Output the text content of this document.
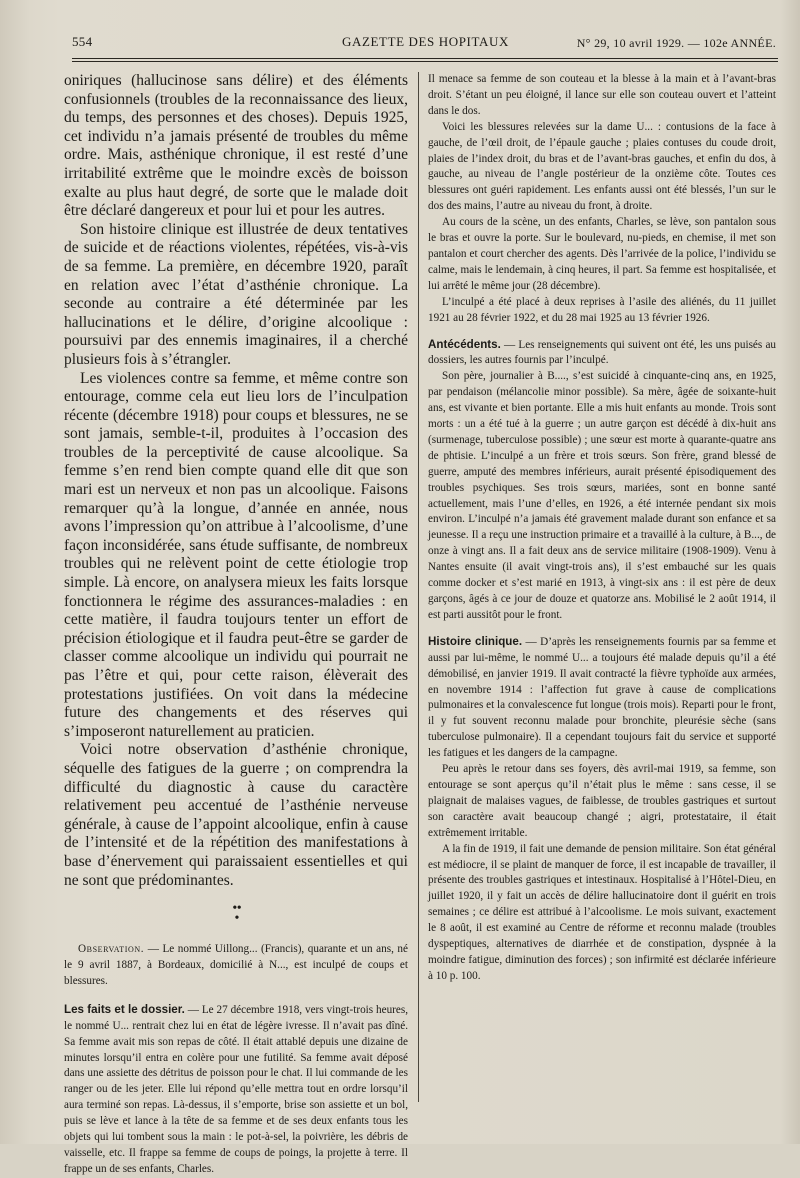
554	GAZETTE DES HOPITAUX	N° 29, 10 avril 1929. — 102e ANNÉE.

oniriques (hallucinose sans délire) et des éléments confusionnels (troubles de la reconnaissance des lieux, du temps, des personnes et des choses). Depuis 1925, cet individu n’a jamais présenté de troubles du même ordre. Mais, asthénique chronique, il est resté d’une irritabilité extrême que le moindre excès de boisson exalte au plus haut degré, de sorte que le malade doit être déclaré dangereux et pour lui et pour les autres.

Son histoire clinique est illustrée de deux tentatives de suicide et de réactions violentes, répétées, vis-à-vis de sa femme. La première, en décembre 1920, paraît en relation avec l’état d’asthénie chronique. La seconde au contraire a été déterminée par les hallucinations et le délire, d’origine alcoolique : poursuivi par des ennemis imaginaires, il a cherché plusieurs fois à s’étrangler.

Les violences contre sa femme, et même contre son entourage, comme cela eut lieu lors de l’inculpation récente (décembre 1918) pour coups et blessures, ne se sont jamais, semble-t-il, produites à l’occasion des troubles de la perceptivité de cause alcoolique. Sa femme s’en rend bien compte quand elle dit que son mari est un nerveux et non pas un alcoolique. Faisons remarquer qu’à la longue, d’année en année, nous avons l’impression qu’on attribue à l’alcoolisme, d’une façon inconsidérée, sans étude suffisante, de nombreux troubles qui ne relèvent point de cette étiologie trop simple. Là encore, on analysera mieux les faits lorsque fonctionnera le régime des assurances-maladies : en cette matière, il faudra toujours tenter un effort de précision étiologique et il faudra peut-être se garder de classer comme alcoolique un individu qui pourrait ne pas l’être et qui, pour cette raison, élèverait des protestations justifiées. On voit dans la médecine future des changements et des réserves qui s’imposeront naturellement au praticien.

Voici notre observation d’asthénie chronique, séquelle des fatigues de la guerre ; on comprendra la difficulté du diagnostic à cause du caractère relativement peu accentué de l’asthénie nerveuse générale, à cause de l’appoint alcoolique, enfin à cause de l’intensité et de la répétition des manifestations à base d’énervement qui paraissaient essentielles et qui ne sont que prédominantes.

• •
•

Observation. — Le nommé Uillong... (Francis), quarante et un ans, né le 9 avril 1887, à Bordeaux, domicilié à N..., est inculpé de coups et blessures.

Les faits et le dossier. — Le 27 décembre 1918, vers vingt-trois heures, le nommé U... rentrait chez lui en état de légère ivresse. Il n’avait pas dîné. Sa femme avait mis son repas de côté. Il était attablé depuis une dizaine de minutes lorsqu’il entra en colère pour une futilité. Sa femme avait déposé dans une assiette des détritus de poisson pour le chat. Il lui commande de les ranger ou de les jeter. Elle lui répond qu’elle mettra tout en ordre lorsqu’il aura terminé son repas. Là-dessus, il s’emporte, brise son assiette et un bol, puis se lève et lance à la tête de sa femme et de ses deux enfants tous les objets qui lui tombent sous la main : le pot-à-sel, la poivrière, les débris de vaisselle, etc. Il frappe sa femme de coups de poings, la projette à terre. Il frappe un de ses enfants, Charles.

Il menace sa femme de son couteau et la blesse à la main et à l’avant-bras droit. S’étant un peu éloigné, il lance sur elle son couteau ouvert et l’atteint dans le dos.

Voici les blessures relevées sur la dame U... : contusions de la face à gauche, de l’œil droit, de l’épaule gauche ; plaies contuses du coude droit, plaies de l’index droit, du bras et de l’avant-bras gauches, et enfin du dos, à gauche, au niveau de l’angle postérieur de la onzième côte. Toutes ces blessures ont guéri rapidement. Les enfants aussi ont été blessés, l’un sur le dos des mains, l’autre au niveau du front, à droite.

Au cours de la scène, un des enfants, Charles, se lève, son pantalon sous le bras et ouvre la porte. Sur le boulevard, nu-pieds, en chemise, il met son pantalon et court chercher des agents. Dès l’arrivée de la police, l’individu se calme, mais le lendemain, à cinq heures, il part. Sa femme est hospitalisée, et lui arrêté le même jour (28 décembre).

L’inculpé a été placé à deux reprises à l’asile des aliénés, du 11 juillet 1921 au 28 février 1922, et du 28 mai 1925 au 13 février 1926.

Antécédents. — Les renseignements qui suivent ont été, les uns puisés au dossiers, les autres fournis par l’inculpé.

Son père, journalier à B...., s’est suicidé à cinquante-cinq ans, en 1925, par pendaison (mélancolie minor possible). Sa mère, âgée de soixante-huit ans, est vivante et bien portante. Elle a mis huit enfants au monde. Trois sont morts : un a été tué à la guerre ; un autre garçon est décédé à dix-huit ans (surmenage, tuberculose possible) ; une sœur est morte à quarante-quatre ans de phtisie. L’inculpé a un frère et trois sœurs. Son frère, grand blessé de guerre, amputé des membres inférieurs, aurait présenté épisodiquement des troubles psychiques. Ses trois sœurs, mariées, sont en bonne santé actuellement, mais l’une d’elles, en 1926, a été internée pendant six mois environ. L’inculpé n’a jamais été gravement malade durant son enfance et sa jeunesse. Il a reçu une instruction primaire et a travaillé à la culture, à B..., de onze à vingt ans. Il a fait deux ans de service militaire (1908-1909). Venu à Nantes ensuite (il avait vingt-trois ans), il s’est embauché sur les quais comme docker et s’est marié en 1913, à vingt-six ans : il est père de deux garçons, âgés à ce jour de douze et quatorze ans. Mobilisé le 2 août 1914, il est parti aussitôt pour le front.

Histoire clinique. — D’après les renseignements fournis par sa femme et aussi par lui-même, le nommé U... a toujours été malade depuis qu’il a été démobilisé, en janvier 1919. Il avait contracté la fièvre typhoïde aux armées, en novembre 1914 : l’affection fut grave à cause de complications pulmonaires et la convalescence fut longue (trois mois). Reparti pour le front, il y fut souvent reconnu malade pour bronchite, pleurésie sèche (sans tuberculose pulmonaire). Il a cependant toujours fait du service et supporté les fatigues et les dangers de la campagne.

Peu après le retour dans ses foyers, dès avril-mai 1919, sa femme, son entourage se sont aperçus qu’il n’était plus le même : sans cesse, il se plaignait de malaises vagues, de faiblesse, de troubles gastriques et surtout son caractère avait beaucoup changé ; aigri, protestataire, il était extrêmement irritable.

A la fin de 1919, il fait une demande de pension militaire. Son état général est médiocre, il se plaint de manquer de force, il est incapable de travailler, il présente des troubles gastriques et intestinaux. Hospitalisé à l’Hôtel-Dieu, en juillet 1920, il y fait un accès de délire hallucinatoire dont il guérit en trois semaines ; ce délire est attribué à l’alcoolisme. Le mois suivant, exactement le 8 août, il est examiné au Centre de réforme et reconnu malade (troubles dyspeptiques, alternatives de diarrhée et de constipation, dyspnée à la moindre fatigue, diminution des forces) ; son infirmité est déclarée inférieure à 10 p. 100.
